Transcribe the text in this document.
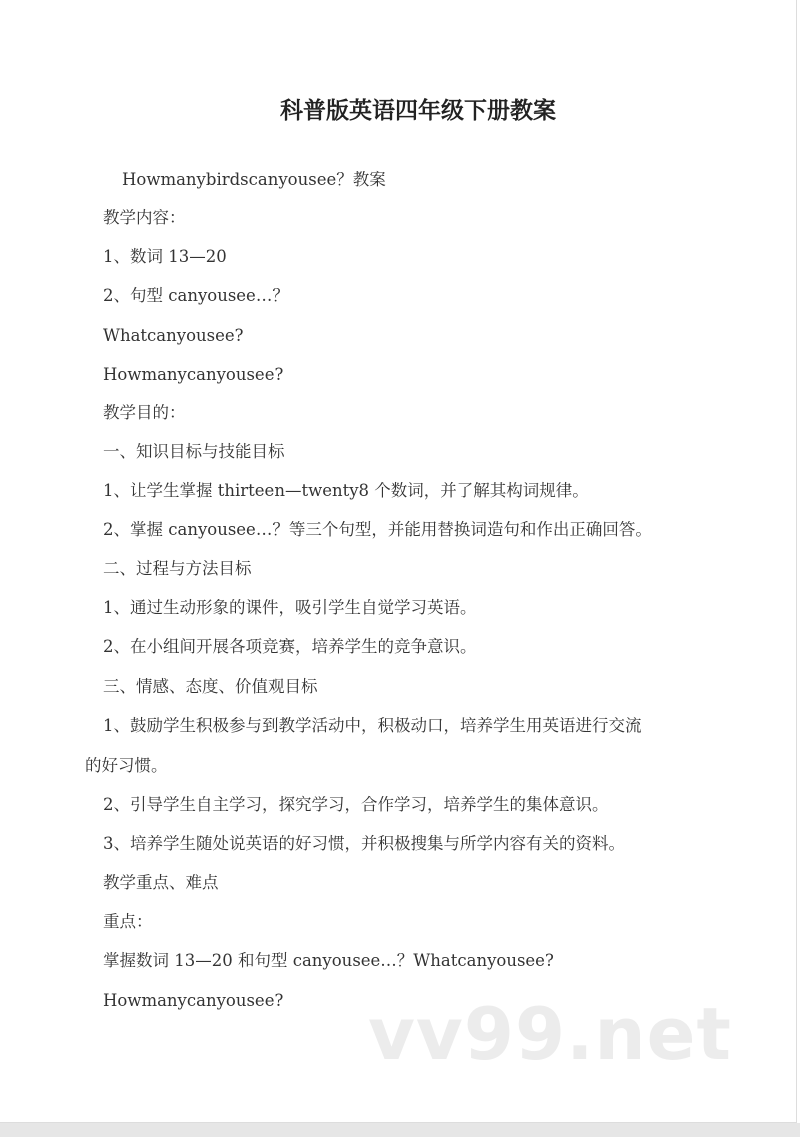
科普版英语四年级下册教案
Howmanybirdscanyousee？教案
教学内容：
1、数词 13—20
2、句型 canyousee…？
Whatcanyousee?
Howmanycanyousee?
教学目的：
一、知识目标与技能目标
1、让学生掌握 thirteen—twenty8 个数词，并了解其构词规律。
2、掌握 canyousee…？等三个句型，并能用替换词造句和作出正确回答。
二、过程与方法目标
1、通过生动形象的课件，吸引学生自觉学习英语。
2、在小组间开展各项竞赛，培养学生的竞争意识。
三、情感、态度、价值观目标
1、鼓励学生积极参与到教学活动中，积极动口，培养学生用英语进行交流
的好习惯。
2、引导学生自主学习，探究学习，合作学习，培养学生的集体意识。
3、培养学生随处说英语的好习惯，并积极搜集与所学内容有关的资料。
教学重点、难点
重点：
掌握数词 13—20 和句型 canyousee…？Whatcanyousee?
Howmanycanyousee? vv99.net
